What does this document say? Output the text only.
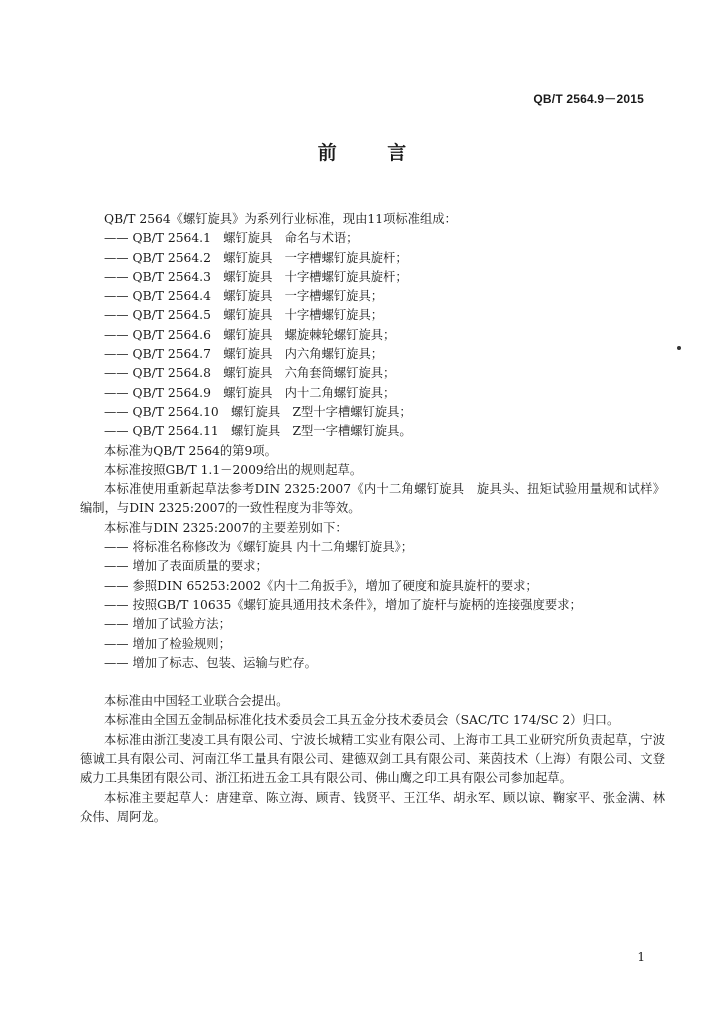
QB/T 2564.9－2015
前 言

QB/T 2564《螺钉旋具》为系列行业标准，现由11项标准组成：

—— QB/T 2564.1　螺钉旋具　命名与术语；

—— QB/T 2564.2　螺钉旋具　一字槽螺钉旋具旋杆；

—— QB/T 2564.3　螺钉旋具　十字槽螺钉旋具旋杆；

—— QB/T 2564.4　螺钉旋具　一字槽螺钉旋具；

—— QB/T 2564.5　螺钉旋具　十字槽螺钉旋具；

—— QB/T 2564.6　螺钉旋具　螺旋棘轮螺钉旋具；

—— QB/T 2564.7　螺钉旋具　内六角螺钉旋具；

—— QB/T 2564.8　螺钉旋具　六角套筒螺钉旋具；

—— QB/T 2564.9　螺钉旋具　内十二角螺钉旋具；

—— QB/T 2564.10　螺钉旋具　Z型十字槽螺钉旋具；

—— QB/T 2564.11　螺钉旋具　Z型一字槽螺钉旋具。

本标准为QB/T 2564的第9项。

本标准按照GB/T 1.1－2009给出的规则起草。

本标准使用重新起草法参考DIN 2325:2007《内十二角螺钉旋具　旋具头、扭矩试验用量规和试样》编制，与DIN 2325:2007的一致性程度为非等效。

本标准与DIN 2325:2007的主要差别如下：

—— 将标准名称修改为《螺钉旋具 内十二角螺钉旋具》；

—— 增加了表面质量的要求；

—— 参照DIN 65253:2002《内十二角扳手》，增加了硬度和旋具旋杆的要求；

—— 按照GB/T 10635《螺钉旋具通用技术条件》，增加了旋杆与旋柄的连接强度要求；

—— 增加了试验方法；

—— 增加了检验规则；

—— 增加了标志、包装、运输与贮存。

本标准由中国轻工业联合会提出。

本标准由全国五金制品标准化技术委员会工具五金分技术委员会（SAC/TC 174/SC 2）归口。

本标准由浙江斐凌工具有限公司、宁波长城精工实业有限公司、上海市工具工业研究所负责起草，宁波德诚工具有限公司、河南江华工量具有限公司、建德双剑工具有限公司、莱茵技术（上海）有限公司、文登威力工具集团有限公司、浙江拓进五金工具有限公司、佛山鹰之印工具有限公司参加起草。

本标准主要起草人：唐建章、陈立海、顾青、钱贤平、王江华、胡永军、顾以谅、鞠家平、张金满、林众伟、周阿龙。

1
